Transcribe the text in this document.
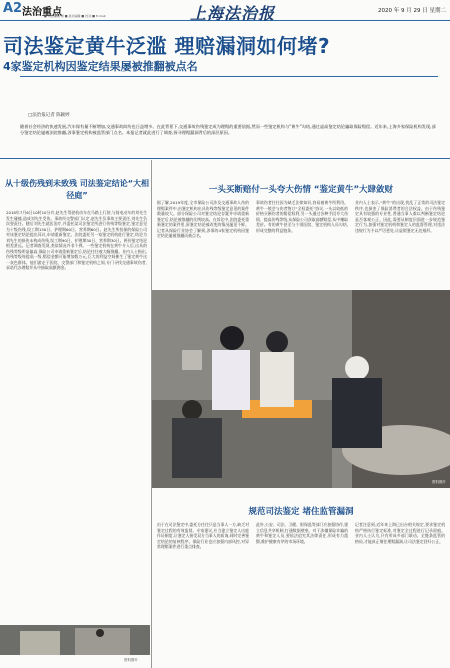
A2 法治重点
■ 责任编辑 周 ■ 美术编辑 ■ 校对 ■ E-mail:	上海法治报	2020 年 9 月 29 日 星期二
司法鉴定黄牛泛滥 理赔漏洞如何堵?
4家鉴定机构因鉴定结果屡被推翻被点名
□法治报记者 陈颖婷
随着社会经济的快速发展,汽车保有量不断增加,交通事故纠纷也日益增多。在此背景下,交通事故伤残鉴定成为理赔的重要依据,然而一些鉴定机构与“黄牛”勾结,通过虚高鉴定结论骗取保险赔偿。近年来,上海多家保险机构发现,部分鉴定结论屡被法院推翻,涉事鉴定机构被监管部门点名。本报记者就此进行了调查,探寻理赔漏洞背后的深层原因。
从十级伤残到未致残 司法鉴定结论“大相径庭”
2018年7月6日10时10分许,赵先生驾驶机动车在马路上行驶,与骑电动车的刘先生发生碰撞,造成刘先生受伤。事故经交警部门认定,赵先生负事故主要责任,刘先生负次要责任。随后刘先生就医治疗,并委托某司法鉴定所进行伤残等级鉴定,鉴定意见为十级伤残,误工期150日、护理期60日、营养期60日。赵先生所投保的保险公司对该鉴定结论提出异议,申请重新鉴定。法院委托另一家鉴定机构进行鉴定,结论为刘先生的损伤未构成伤残,误工期90日、护理期30日、营养期30日。两份鉴定结论相差甚远。记者调查发现,类似情况并非个例。一些鉴定机构在黄牛介入后,出具的伤残等级明显偏高,保险公司申请重新鉴定后,结论往往被大幅推翻。业内人士指出,伤残等级每提高一级,赔偿金额可能增加数万元,巨大的利益空间催生了鉴定黄牛这一灰色群体。他们游走于医院、交警部门和鉴定机构之间,专门寻找交通事故伤者,承诺代办理赔并从中抽取高额佣金。
资料图片
一头买断赔付一头夸大伤情 “鉴定黄牛”大肆敛财
据了解,2019年度,全市保险公司涉及交通事故人伤的理赔案件中,由鉴定机构出具伤残等级鉴定意见的案件数量较大。部分保险公司对鉴定结论存疑并申请重新鉴定后,结论被推翻的比例较高。在诉讼中,法院委托重新鉴定的案件里,原鉴定结论被改变的情况屡见不鲜。记者从保险行业协会了解到,涉事的4家鉴定机构因鉴定结论屡被推翻而被点名。
事故伤者往往因为缺乏法律知识,容易被黄牛所利用。黄牛一般会与伤者签订“全权委托”协议,一头以较低的价格买断伤者的赔偿权利,另一头通过各种手段夸大伤情、提高伤残等级,从保险公司获取高额赔偿,从中赚取差价。有的黄牛甚至与个别医院、鉴定机构人员勾结,形成完整的利益链条。
业内人士表示,“黄牛”的出现,扰乱了正常的司法鉴定秩序,也损害了保险消费者的合法权益。由于伤残鉴定具有较强的专业性,普通当事人难以判断鉴定结论是否客观公正。因此,需要从制度层面进一步规范鉴定行为,加强对鉴定机构和鉴定人的监督管理,对违法违规行为予以严厉惩处,让虚假鉴定无处遁形。
资料图片
规范司法鉴定 堵住监管漏洞
由于在司法鉴定中,委托方往往只是当事人一方,缺乏对鉴定过程的有效监督。专家建议,应当建立鉴定人出庭作证制度,让鉴定人接受双方当事人的质询,同时完善鉴定结论的复核程序。保险行业也应加强内部风控,对异常理赔案件进行重点排查。
此外,公安、司法、卫健、银保监等部门应加强协作,建立信息共享机制,打通数据壁垒。对于涉嫌保险诈骗的黄牛和鉴定人员,要依法追究其法律责任,形成有力震慑,维护健康有序的市场环境。
记者注意到,近年来上海已出台相关规定,要求鉴定机构严格执行鉴定标准,对鉴定全过程进行记录留痕。业内人士认为,只有形成多部门联动、全链条监管的格局,才能真正堵住理赔漏洞,让司法鉴定回归公正。
